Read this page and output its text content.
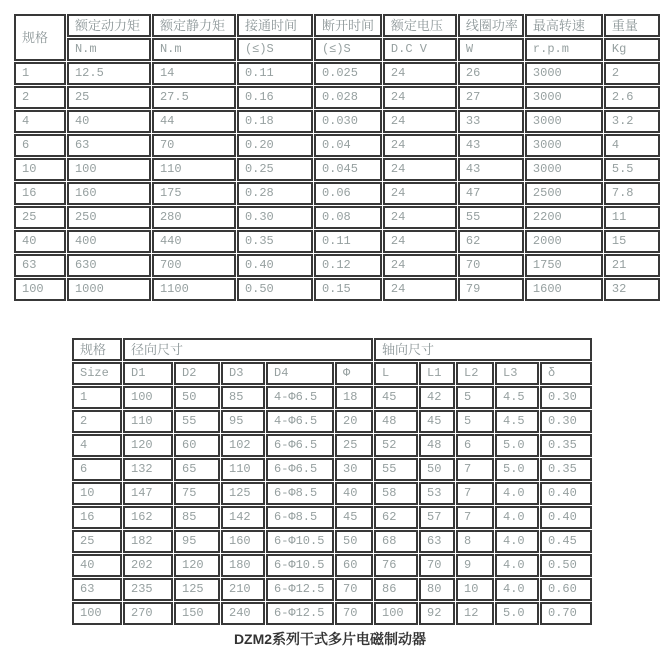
规格	额定动力矩	额定静力矩	接通时间	断开时间	额定电压	线圈功率	最高转速	重量
	N.m	N.m	(≤)S	(≤)S	D.C V	W	r.p.m	Kg
1	12.5	14	0.11	0.025	24	26	3000	2
2	25	27.5	0.16	0.028	24	27	3000	2.6
4	40	44	0.18	0.030	24	33	3000	3.2
6	63	70	0.20	0.04	24	43	3000	4
10	100	110	0.25	0.045	24	43	3000	5.5
16	160	175	0.28	0.06	24	47	2500	7.8
25	250	280	0.30	0.08	24	55	2200	11
40	400	440	0.35	0.11	24	62	2000	15
63	630	700	0.40	0.12	24	70	1750	21
100	1000	1100	0.50	0.15	24	79	1600	32
规格	径向尺寸					轴向尺寸				
Size	D1	D2	D3	D4	Φ	L	L1	L2	L3	δ
1	100	50	85	4-Φ6.5	18	45	42	5	4.5	0.30
2	110	55	95	4-Φ6.5	20	48	45	5	4.5	0.30
4	120	60	102	6-Φ6.5	25	52	48	6	5.0	0.35
6	132	65	110	6-Φ6.5	30	55	50	7	5.0	0.35
10	147	75	125	6-Φ8.5	40	58	53	7	4.0	0.40
16	162	85	142	6-Φ8.5	45	62	57	7	4.0	0.40
25	182	95	160	6-Φ10.5	50	68	63	8	4.0	0.45
40	202	120	180	6-Φ10.5	60	76	70	9	4.0	0.50
63	235	125	210	6-Φ12.5	70	86	80	10	4.0	0.60
100	270	150	240	6-Φ12.5	70	100	92	12	5.0	0.70
DZM2系列干式多片电磁制动器
